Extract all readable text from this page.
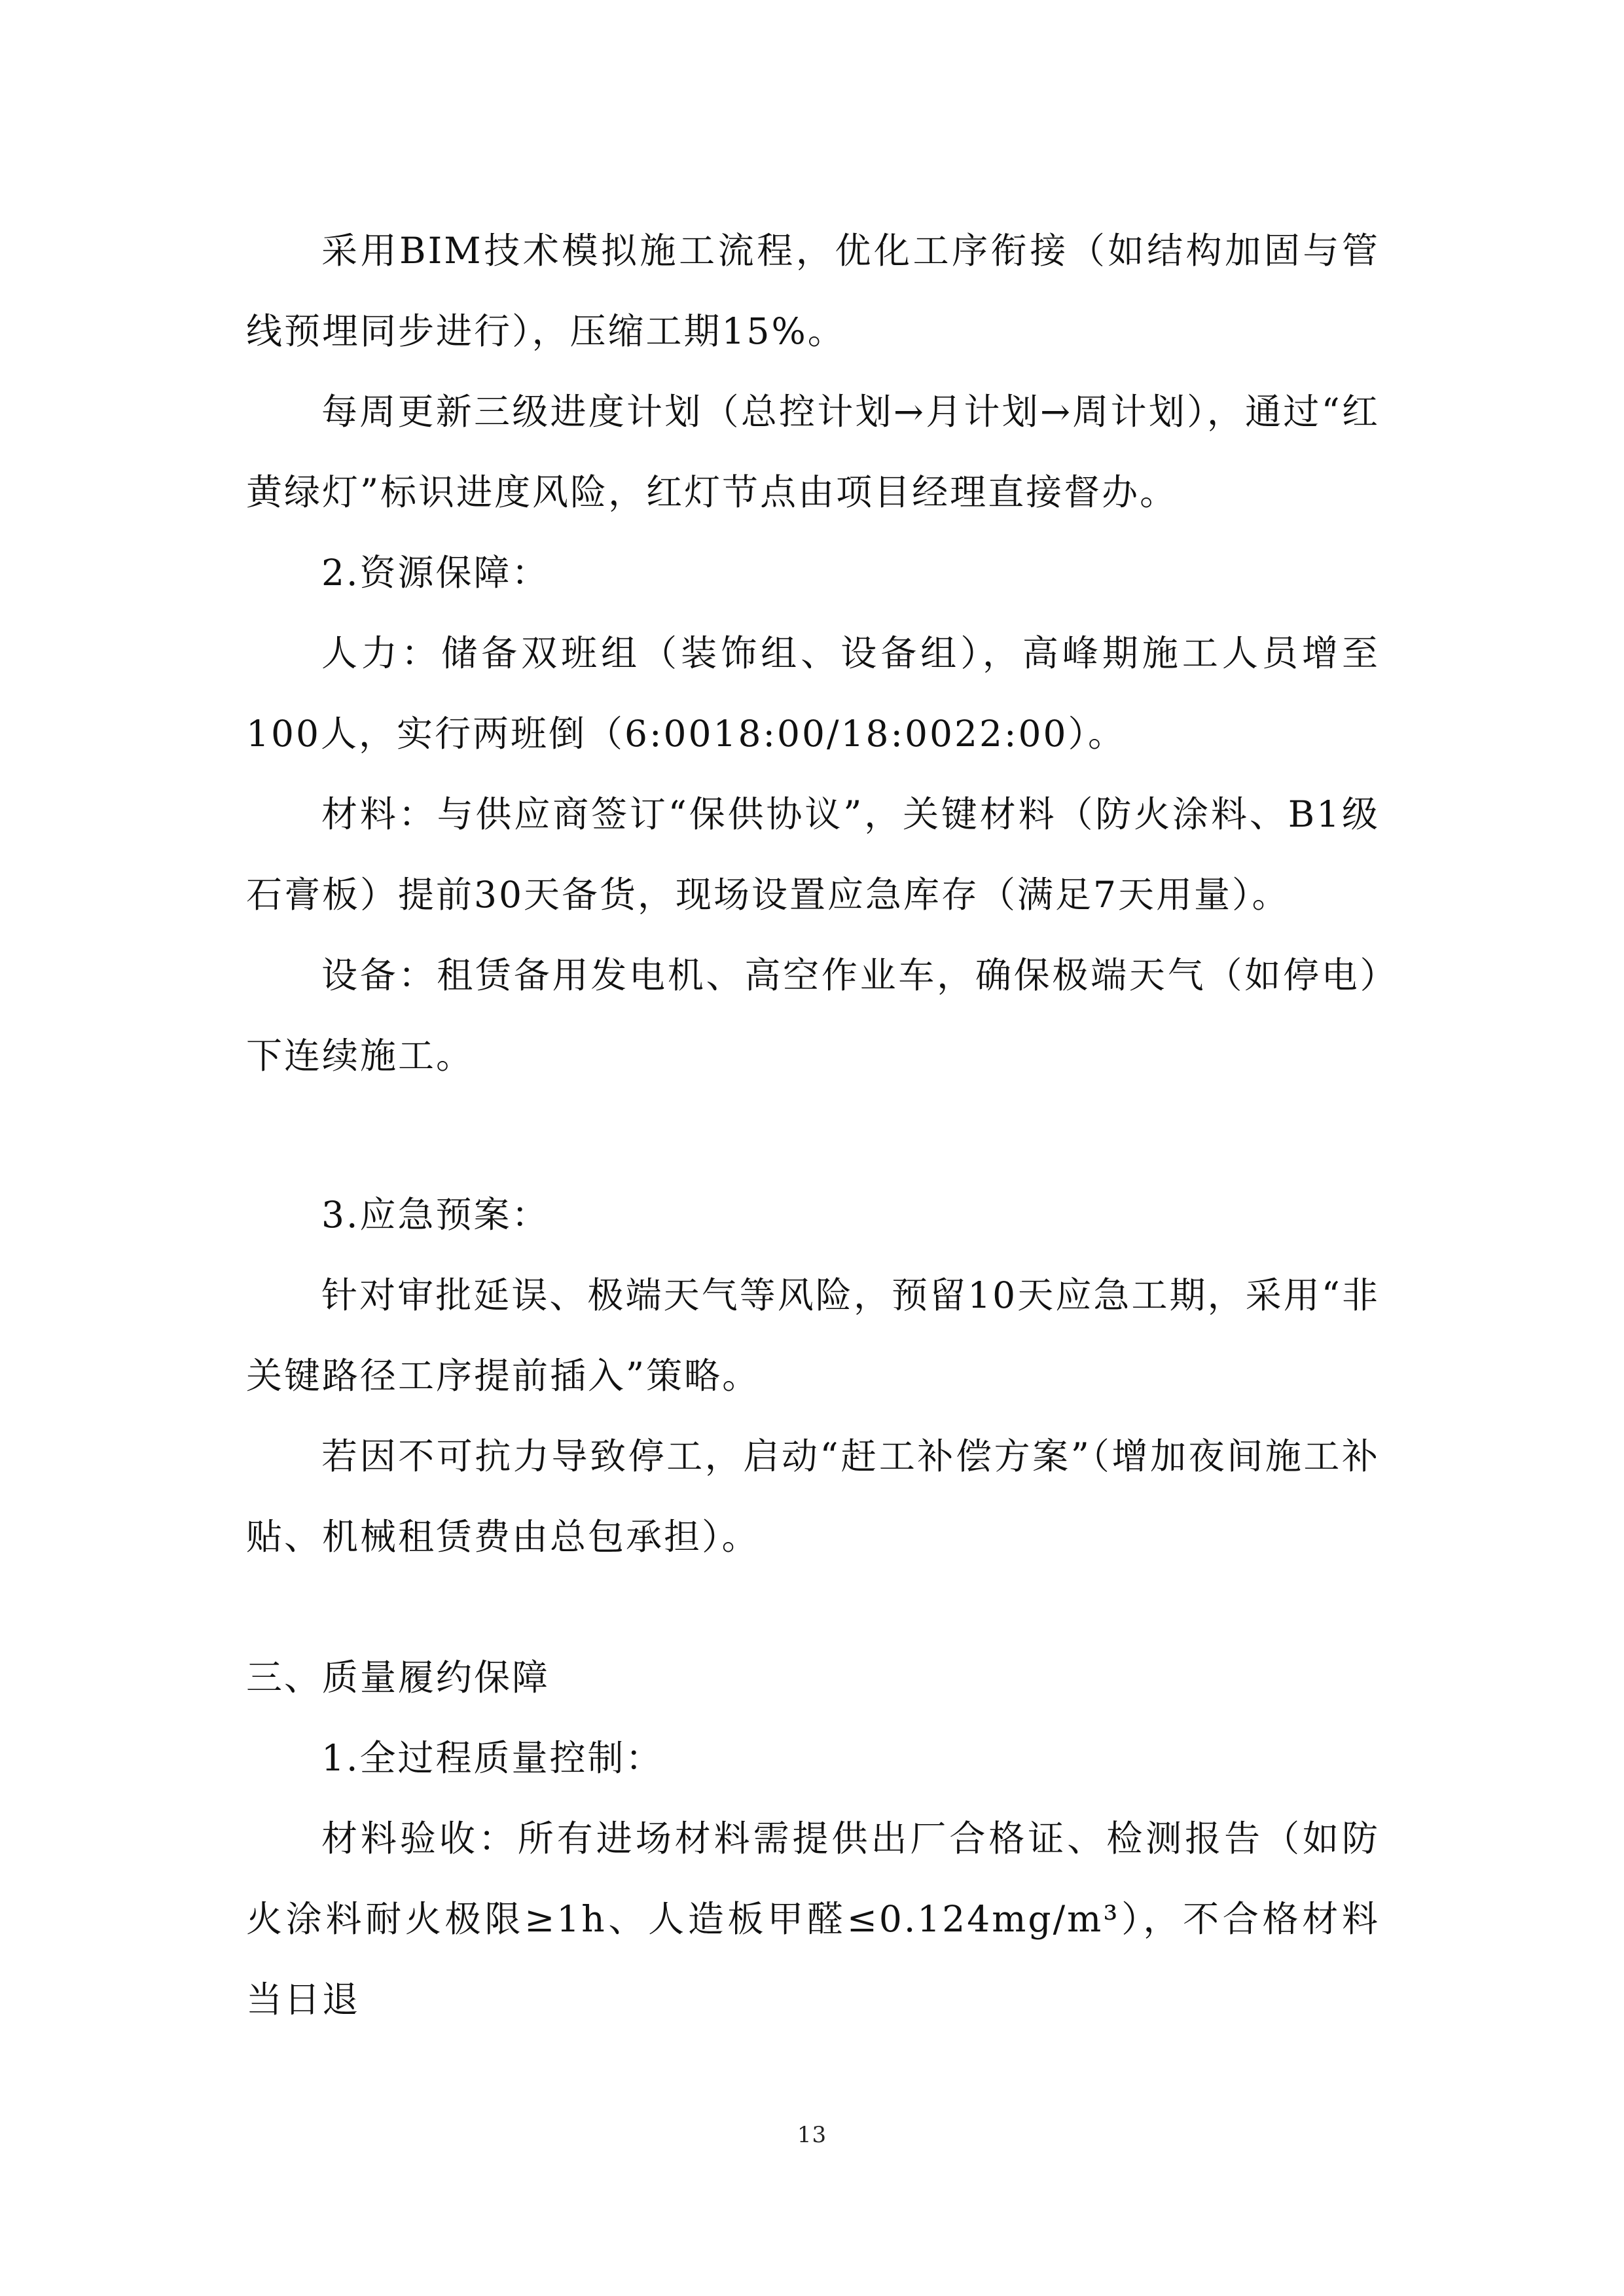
采用BIM技术模拟施工流程，优化工序衔接（如结构加固与管线预埋同步进行），压缩工期15%。

每周更新三级进度计划（总控计划→月计划→周计划），通过“红黄绿灯”标识进度风险，红灯节点由项目经理直接督办。

2.资源保障：

人力：储备双班组（装饰组、设备组），高峰期施工人员增至100人，实行两班倒（6:0018:00/18:0022:00）。

材料：与供应商签订“保供协议”，关键材料（防火涂料、B1级石膏板）提前30天备货，现场设置应急库存（满足7天用量）。

设备：租赁备用发电机、高空作业车，确保极端天气（如停电）下连续施工。

3.应急预案：

针对审批延误、极端天气等风险，预留10天应急工期，采用“非关键路径工序提前插入”策略。

若因不可抗力导致停工，启动“赶工补偿方案”（增加夜间施工补贴、机械租赁费由总包承担）。

三、质量履约保障

1.全过程质量控制：

材料验收：所有进场材料需提供出厂合格证、检测报告（如防火涂料耐火极限≥1h、人造板甲醛≤0.124mg/m³），不合格材料当日退

13
